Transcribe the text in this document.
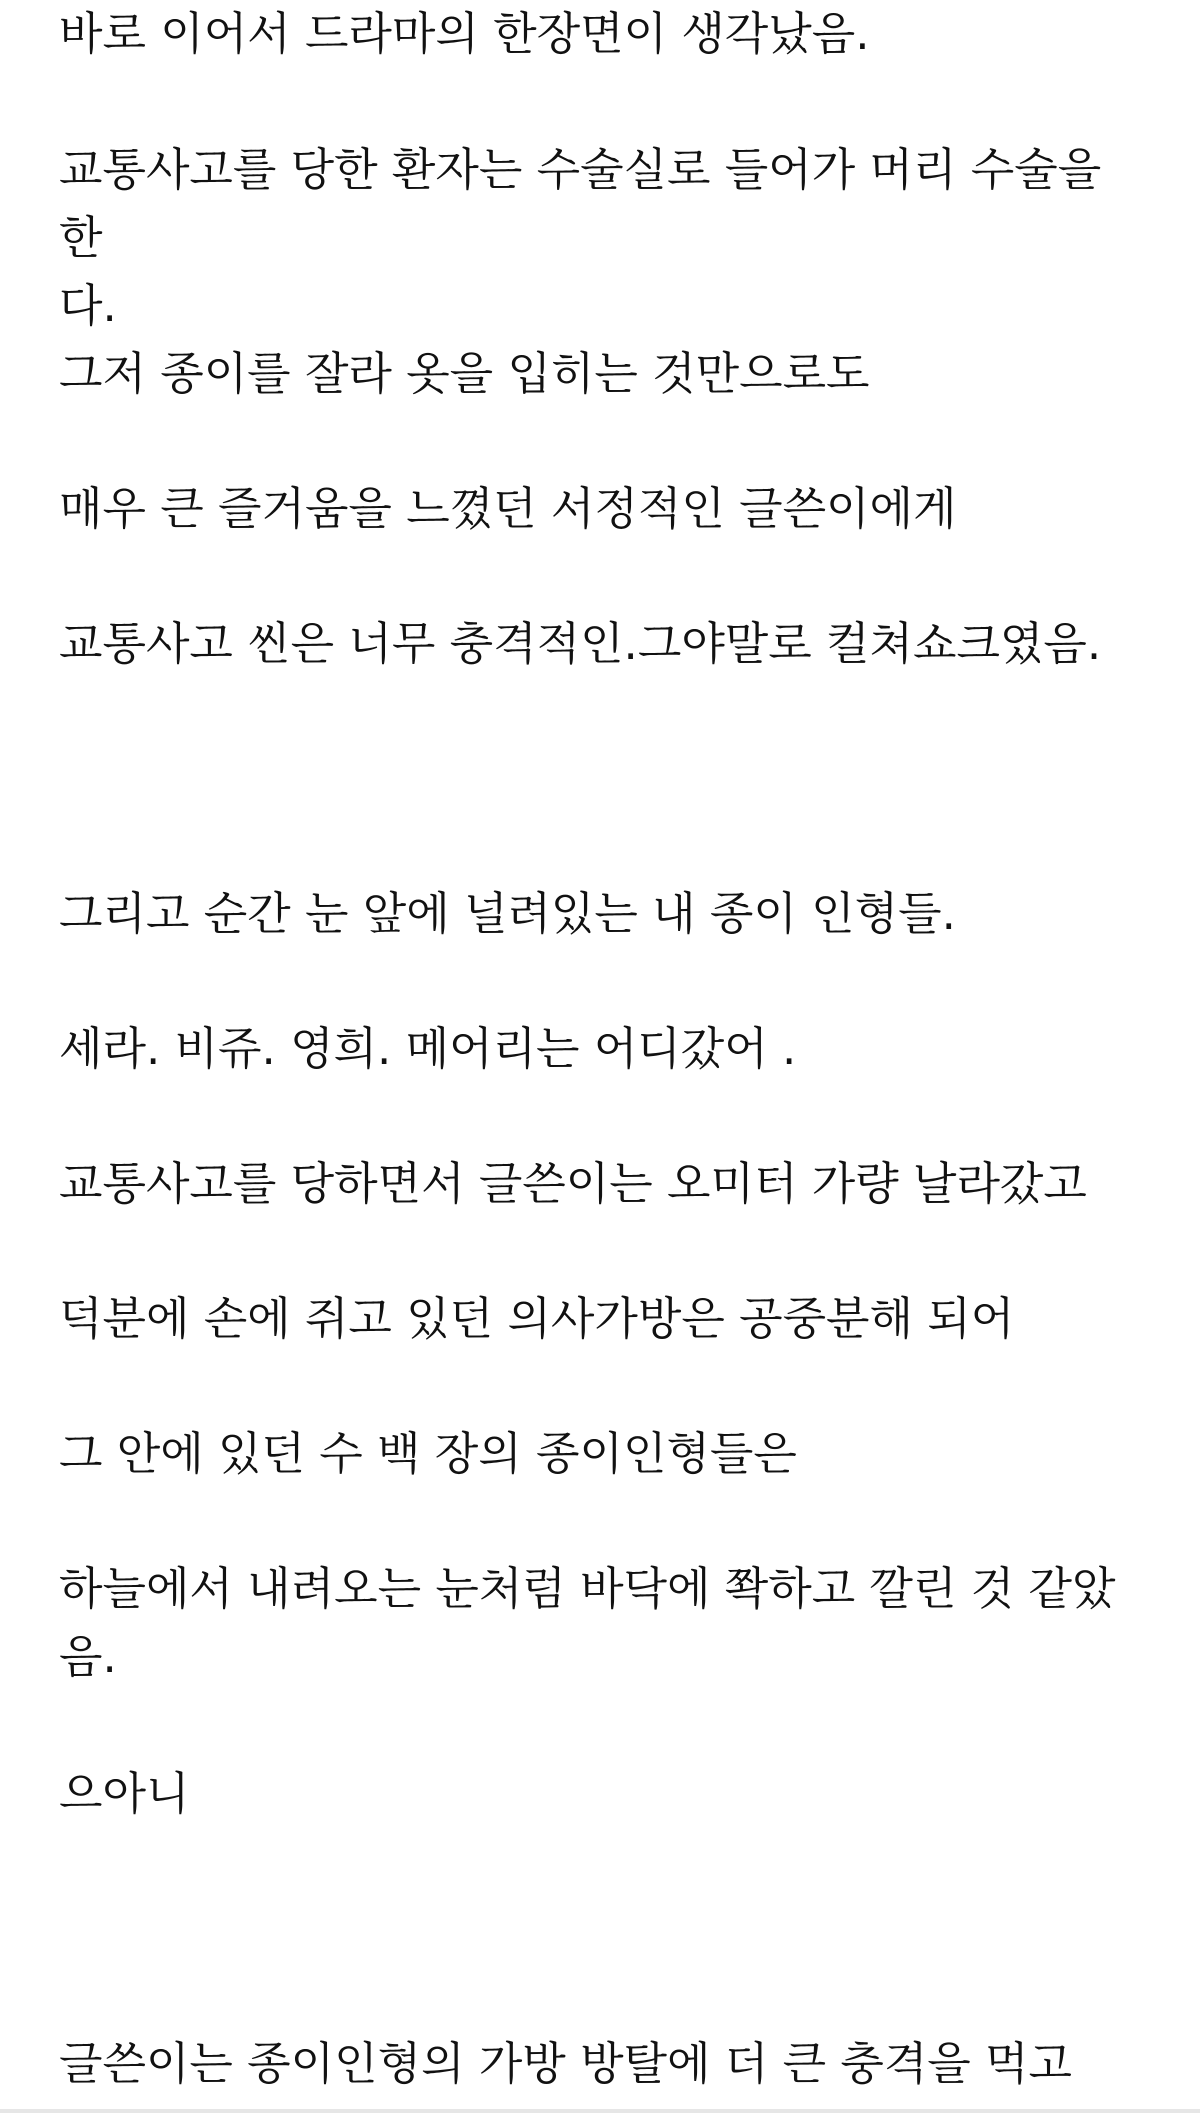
바로 이어서 드라마의 한장면이 생각났음.

교통사고를 당한 환자는 수술실로 들어가 머리 수술을 한
다.

그저 종이를 잘라 옷을 입히는 것만으로도

매우 큰 즐거움을 느꼈던 서정적인 글쓴이에게

교통사고 씬은 너무 충격적인.그야말로 컬쳐쇼크였음.

그리고 순간 눈 앞에 널려있는 내 종이 인형들.

세라. 비쥬. 영희. 메어리는 어디갔어 .

교통사고를 당하면서 글쓴이는 오미터 가량 날라갔고

덕분에 손에 쥐고 있던 의사가방은 공중분해 되어

그 안에 있던 수 백 장의 종이인형들은

하늘에서 내려오는 눈처럼 바닥에 쫙하고 깔린 것 같았
음.

으아니

글쓴이는 종이인형의 가방 방탈에 더 큰 충격을 먹고
